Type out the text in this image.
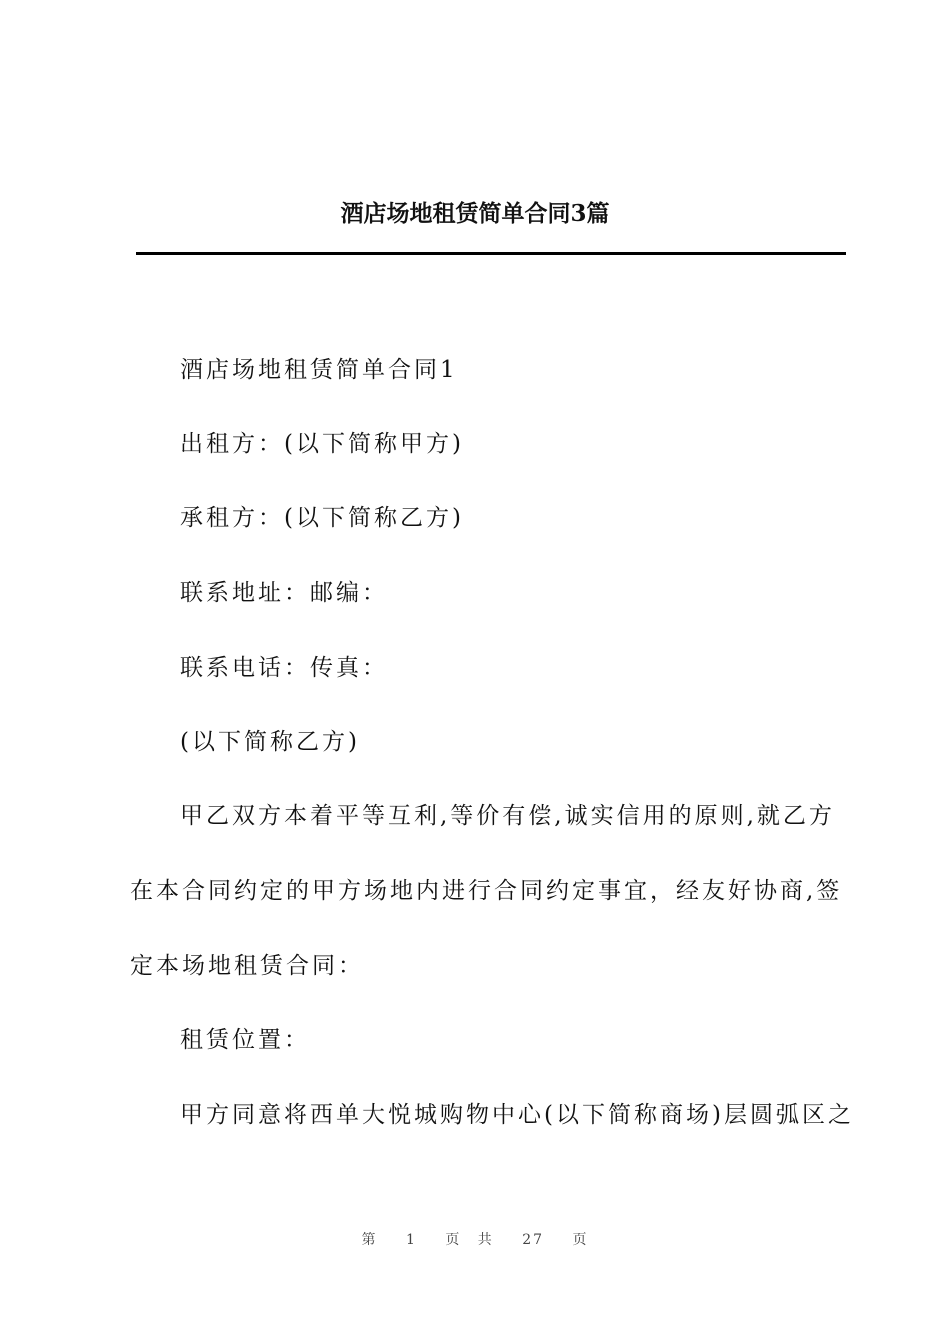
酒店场地租赁简单合同3篇

酒店场地租赁简单合同1

出租方：(以下简称甲方)

承租方：(以下简称乙方)

联系地址：邮编：

联系电话：传真：

(以下简称乙方)

甲乙双方本着平等互利,等价有偿,诚实信用的原则,就乙方

在本合同约定的甲方场地内进行合同约定事宜，经友好协商,签

定本场地租赁合同：

租赁位置：

甲方同意将西单大悦城购物中心(以下简称商场)层圆弧区之

第 1 页 共 27 页
